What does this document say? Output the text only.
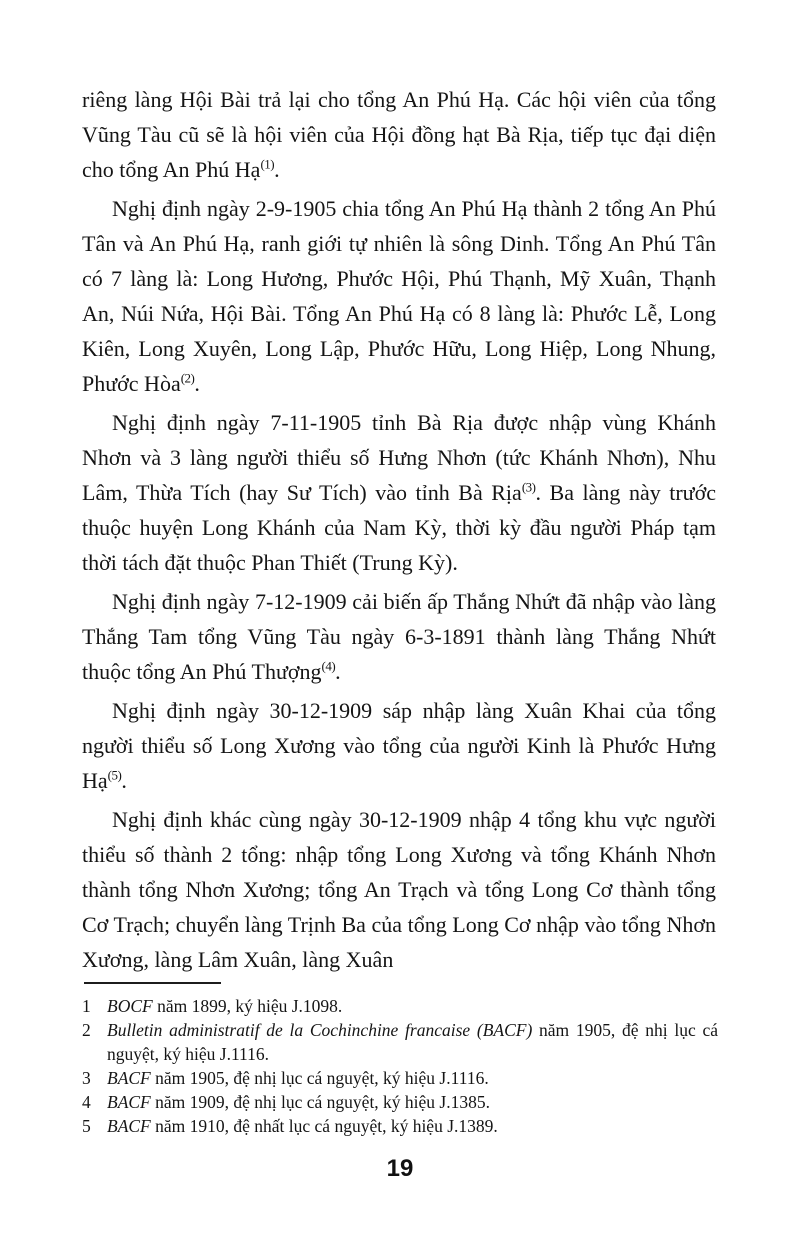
riêng làng Hội Bài trả lại cho tổng An Phú Hạ. Các hội viên của tổng Vũng Tàu cũ sẽ là hội viên của Hội đồng hạt Bà Rịa, tiếp tục đại diện cho tổng An Phú Hạ$^{(1)}$.

Nghị định ngày 2-9-1905 chia tổng An Phú Hạ thành 2 tổng An Phú Tân và An Phú Hạ, ranh giới tự nhiên là sông Dinh. Tổng An Phú Tân có 7 làng là: Long Hương, Phước Hội, Phú Thạnh, Mỹ Xuân, Thạnh An, Núi Nứa, Hội Bài. Tổng An Phú Hạ có 8 làng là: Phước Lễ, Long Kiên, Long Xuyên, Long Lập, Phước Hữu, Long Hiệp, Long Nhung, Phước Hòa$^{(2)}$.

Nghị định ngày 7-11-1905 tỉnh Bà Rịa được nhập vùng Khánh Nhơn và 3 làng người thiểu số Hưng Nhơn (tức Khánh Nhơn), Nhu Lâm, Thừa Tích (hay Sư Tích) vào tỉnh Bà Rịa$^{(3)}$. Ba làng này trước thuộc huyện Long Khánh của Nam Kỳ, thời kỳ đầu người Pháp tạm thời tách đặt thuộc Phan Thiết (Trung Kỳ).

Nghị định ngày 7-12-1909 cải biến ấp Thắng Nhứt đã nhập vào làng Thắng Tam tổng Vũng Tàu ngày 6-3-1891 thành làng Thắng Nhứt thuộc tổng An Phú Thượng$^{(4)}$.

Nghị định ngày 30-12-1909 sáp nhập làng Xuân Khai của tổng người thiểu số Long Xương vào tổng của người Kinh là Phước Hưng Hạ$^{(5)}$.

Nghị định khác cùng ngày 30-12-1909 nhập 4 tổng khu vực người thiểu số thành 2 tổng: nhập tổng Long Xương và tổng Khánh Nhơn thành tổng Nhơn Xương; tổng An Trạch và tổng Long Cơ thành tổng Cơ Trạch; chuyển làng Trịnh Ba của tổng Long Cơ nhập vào tổng Nhơn Xương, làng Lâm Xuân, làng Xuân

1 BOCF năm 1899, ký hiệu J.1098.
2 Bulletin administratif de la Cochinchine francaise (BACF) năm 1905, đệ nhị lục cá nguyệt, ký hiệu J.1116.
3 BACF năm 1905, đệ nhị lục cá nguyệt, ký hiệu J.1116.
4 BACF năm 1909, đệ nhị lục cá nguyệt, ký hiệu J.1385.
5 BACF năm 1910, đệ nhất lục cá nguyệt, ký hiệu J.1389.
19
